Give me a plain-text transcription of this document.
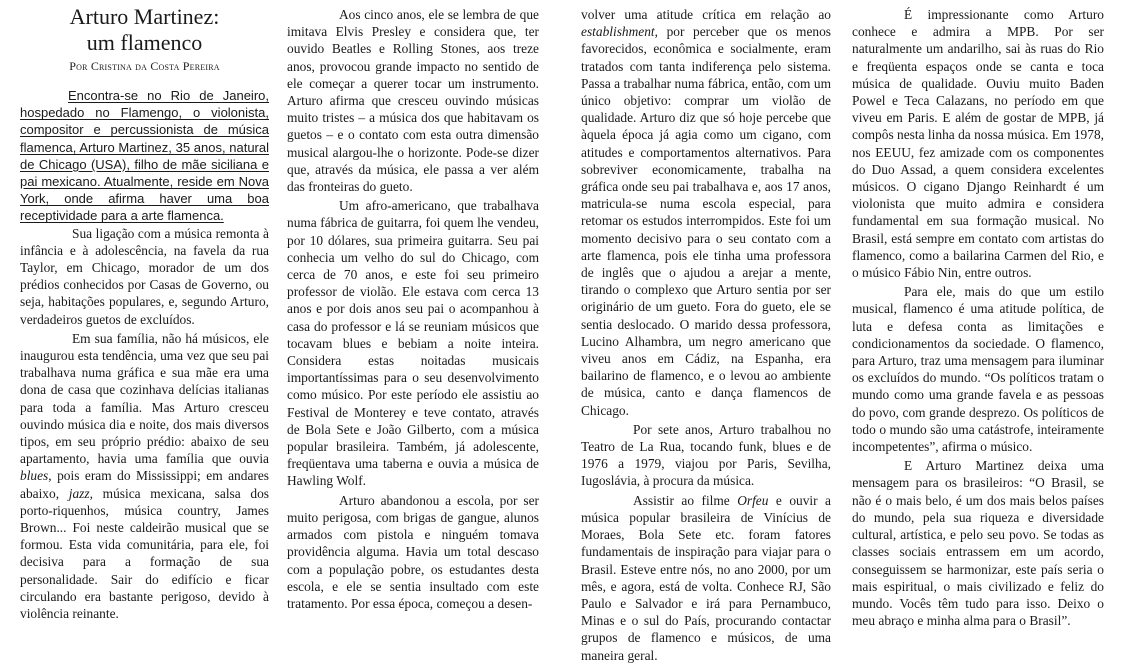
Arturo Martinez:
um flamenco
Por Cristina da Costa Pereira

Encontra-se no Rio de Janeiro, hospedado no Flamengo, o violonista, compositor e percussionista de música flamenca, Arturo Martinez, 35 anos, natural de Chicago (USA), filho de mãe siciliana e pai mexicano. Atualmente, reside em Nova York, onde afirma haver uma boa receptividade para a arte flamenca.

Sua ligação com a música remonta à infância e à adolescência, na favela da rua Taylor, em Chicago, morador de um dos prédios conhecidos por Casas de Governo, ou seja, habitações populares, e, segundo Arturo, verdadeiros guetos de excluídos.

Em sua família, não há músicos, ele inaugurou esta tendência, uma vez que seu pai trabalhava numa gráfica e sua mãe era uma dona de casa que cozinhava delícias italianas para toda a família. Mas Arturo cresceu ouvindo música dia e noite, dos mais diversos tipos, em seu próprio prédio: abaixo de seu apartamento, havia uma família que ouvia blues, pois eram do Mississippi; em andares abaixo, jazz, música mexicana, salsa dos porto-riquenhos, música country, James Brown... Foi neste caldeirão musical que se formou. Esta vida comunitária, para ele, foi decisiva para a formação de sua personalidade. Sair do edifício e ficar circulando era bastante perigoso, devido à violência reinante.

Aos cinco anos, ele se lembra de que imitava Elvis Presley e considera que, ter ouvido Beatles e Rolling Stones, aos treze anos, provocou grande impacto no sentido de ele começar a querer tocar um instrumento. Arturo afirma que cresceu ouvindo músicas muito tristes – a música dos que habitavam os guetos – e o contato com esta outra dimensão musical alargou-lhe o horizonte. Pode-se dizer que, através da música, ele passa a ver além das fronteiras do gueto.

Um afro-americano, que trabalhava numa fábrica de guitarra, foi quem lhe vendeu, por 10 dólares, sua primeira guitarra. Seu pai conhecia um velho do sul do Chicago, com cerca de 70 anos, e este foi seu primeiro professor de violão. Ele estava com cerca 13 anos e por dois anos seu pai o acompanhou à casa do professor e lá se reuniam músicos que tocavam blues e bebiam a noite inteira. Considera estas noitadas musicais importantíssimas para o seu desenvolvimento como músico. Por este período ele assistiu ao Festival de Monterey e teve contato, através de Bola Sete e João Gilberto, com a música popular brasileira. Também, já adolescente, freqüentava uma taberna e ouvia a música de Hawling Wolf.

Arturo abandonou a escola, por ser muito perigosa, com brigas de gangue, alunos armados com pistola e ninguém tomava providência alguma. Havia um total descaso com a população pobre, os estudantes desta escola, e ele se sentia insultado com este tratamento. Por essa época, começou a desen-

volver uma atitude crítica em relação ao establishment, por perceber que os menos favorecidos, econômica e socialmente, eram tratados com tanta indiferença pelo sistema. Passa a trabalhar numa fábrica, então, com um único objetivo: comprar um violão de qualidade. Arturo diz que só hoje percebe que àquela época já agia como um cigano, com atitudes e comportamentos alternativos. Para sobreviver economicamente, trabalha na gráfica onde seu pai trabalhava e, aos 17 anos, matricula-se numa escola especial, para retomar os estudos interrompidos. Este foi um momento decisivo para o seu contato com a arte flamenca, pois ele tinha uma professora de inglês que o ajudou a arejar a mente, tirando o complexo que Arturo sentia por ser originário de um gueto. Fora do gueto, ele se sentia deslocado. O marido dessa professora, Lucino Alhambra, um negro americano que viveu anos em Cádiz, na Espanha, era bailarino de flamenco, e o levou ao ambiente de música, canto e dança flamencos de Chicago.

Por sete anos, Arturo trabalhou no Teatro de La Rua, tocando funk, blues e de 1976 a 1979, viajou por Paris, Sevilha, Iugoslávia, à procura da música.

Assistir ao filme Orfeu e ouvir a música popular brasileira de Vinícius de Moraes, Bola Sete etc. foram fatores fundamentais de inspiração para viajar para o Brasil. Esteve entre nós, no ano 2000, por um mês, e agora, está de volta. Conhece RJ, São Paulo e Salvador e irá para Pernambuco, Minas e o sul do País, procurando contactar grupos de flamenco e músicos, de uma maneira geral.

É impressionante como Arturo conhece e admira a MPB. Por ser naturalmente um andarilho, sai às ruas do Rio e freqüenta espaços onde se canta e toca música de qualidade. Ouviu muito Baden Powel e Teca Calazans, no período em que viveu em Paris. E além de gostar de MPB, já compôs nesta linha da nossa música. Em 1978, nos EEUU, fez amizade com os componentes do Duo Assad, a quem considera excelentes músicos. O cigano Django Reinhardt é um violonista que muito admira e considera fundamental em sua formação musical. No Brasil, está sempre em contato com artistas do flamenco, como a bailarina Carmen del Rio, e o músico Fábio Nin, entre outros.

Para ele, mais do que um estilo musical, flamenco é uma atitude política, de luta e defesa conta as limitações e condicionamentos da sociedade. O flamenco, para Arturo, traz uma mensagem para iluminar os excluídos do mundo. “Os políticos tratam o mundo como uma grande favela e as pessoas do povo, com grande desprezo. Os políticos de todo o mundo são uma catástrofe, inteiramente incompetentes”, afirma o músico.

E Arturo Martinez deixa uma mensagem para os brasileiros: “O Brasil, se não é o mais belo, é um dos mais belos países do mundo, pela sua riqueza e diversidade cultural, artística, e pelo seu povo. Se todas as classes sociais entrassem em um acordo, conseguissem se harmonizar, este país seria o mais espiritual, o mais civilizado e feliz do mundo. Vocês têm tudo para isso. Deixo o meu abraço e minha alma para o Brasil”.
